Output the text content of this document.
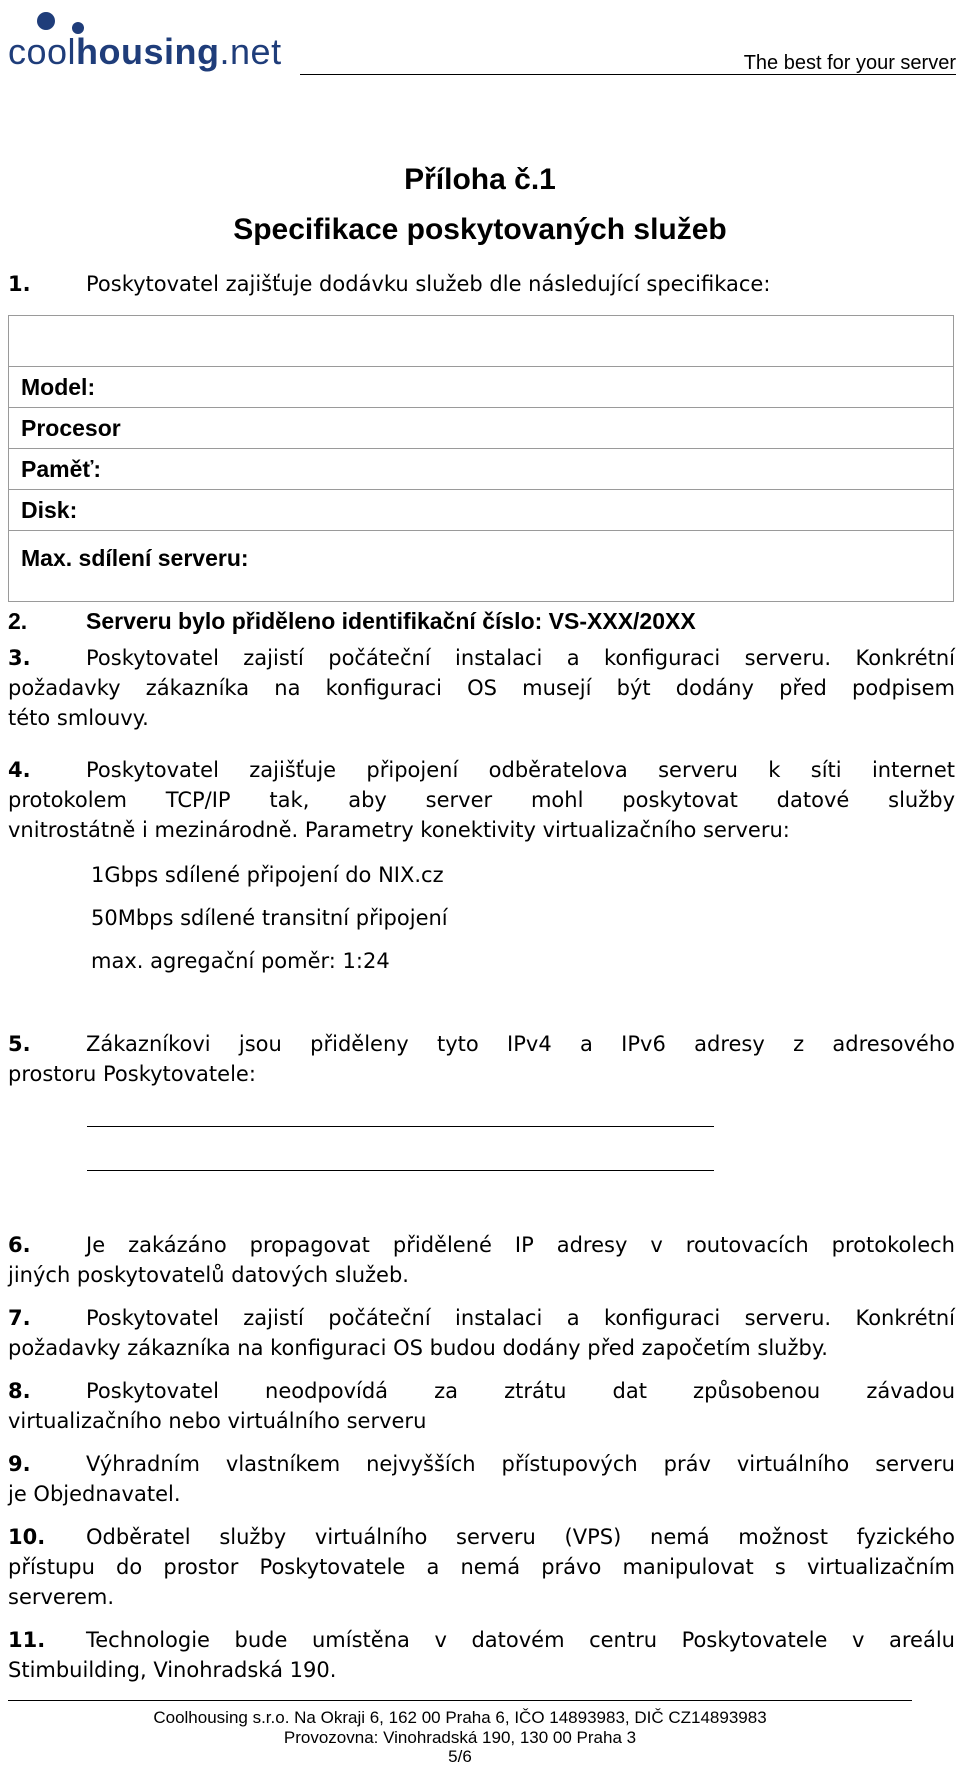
coolhousing.net	The best for your server
Příloha č.1
Specifikace poskytovaných služeb
1.	Poskytovatel zajišťuje dodávku služeb dle následující specifikace:

Model:
Procesor
Paměť:
Disk:
Max. sdílení serveru:
2.	Serveru bylo přiděleno identifikační číslo: VS-XXX/20XX
3.	Poskytovatel zajistí počáteční instalaci a konfiguraci serveru. Konkrétní
požadavky zákazníka na konfiguraci OS musejí být dodány před podpisem
této smlouvy.
4.	Poskytovatel zajišťuje připojení odběratelova serveru k síti internet
protokolem TCP/IP tak, aby server mohl poskytovat datové služby
vnitrostátně i mezinárodně. Parametry konektivity virtualizačního serveru:
1Gbps sdílené připojení do NIX.cz
50Mbps sdílené transitní připojení
max. agregační poměr: 1:24
5.	Zákazníkovi jsou přiděleny tyto IPv4 a IPv6 adresy z adresového
prostoru Poskytovatele:
6.	Je zakázáno propagovat přidělené IP adresy v routovacích protokolech
jiných poskytovatelů datových služeb.
7.	Poskytovatel zajistí počáteční instalaci a konfiguraci serveru. Konkrétní
požadavky zákazníka na konfiguraci OS budou dodány před započetím služby.
8.	Poskytovatel neodpovídá za ztrátu dat způsobenou závadou
virtualizačního nebo virtuálního serveru
9.	Výhradním vlastníkem nejvyšších přístupových práv virtuálního serveru
je Objednavatel.
10. Odběratel služby virtuálního serveru (VPS) nemá možnost fyzického
přístupu do prostor Poskytovatele a nemá právo manipulovat s virtualizačním
serverem.
11. Technologie bude umístěna v datovém centru Poskytovatele v areálu
Stimbuilding, Vinohradská 190.
Coolhousing s.r.o. Na Okraji 6, 162 00 Praha 6, IČO 14893983, DIČ CZ14893983
Provozovna: Vinohradská 190, 130 00 Praha 3
5/6
